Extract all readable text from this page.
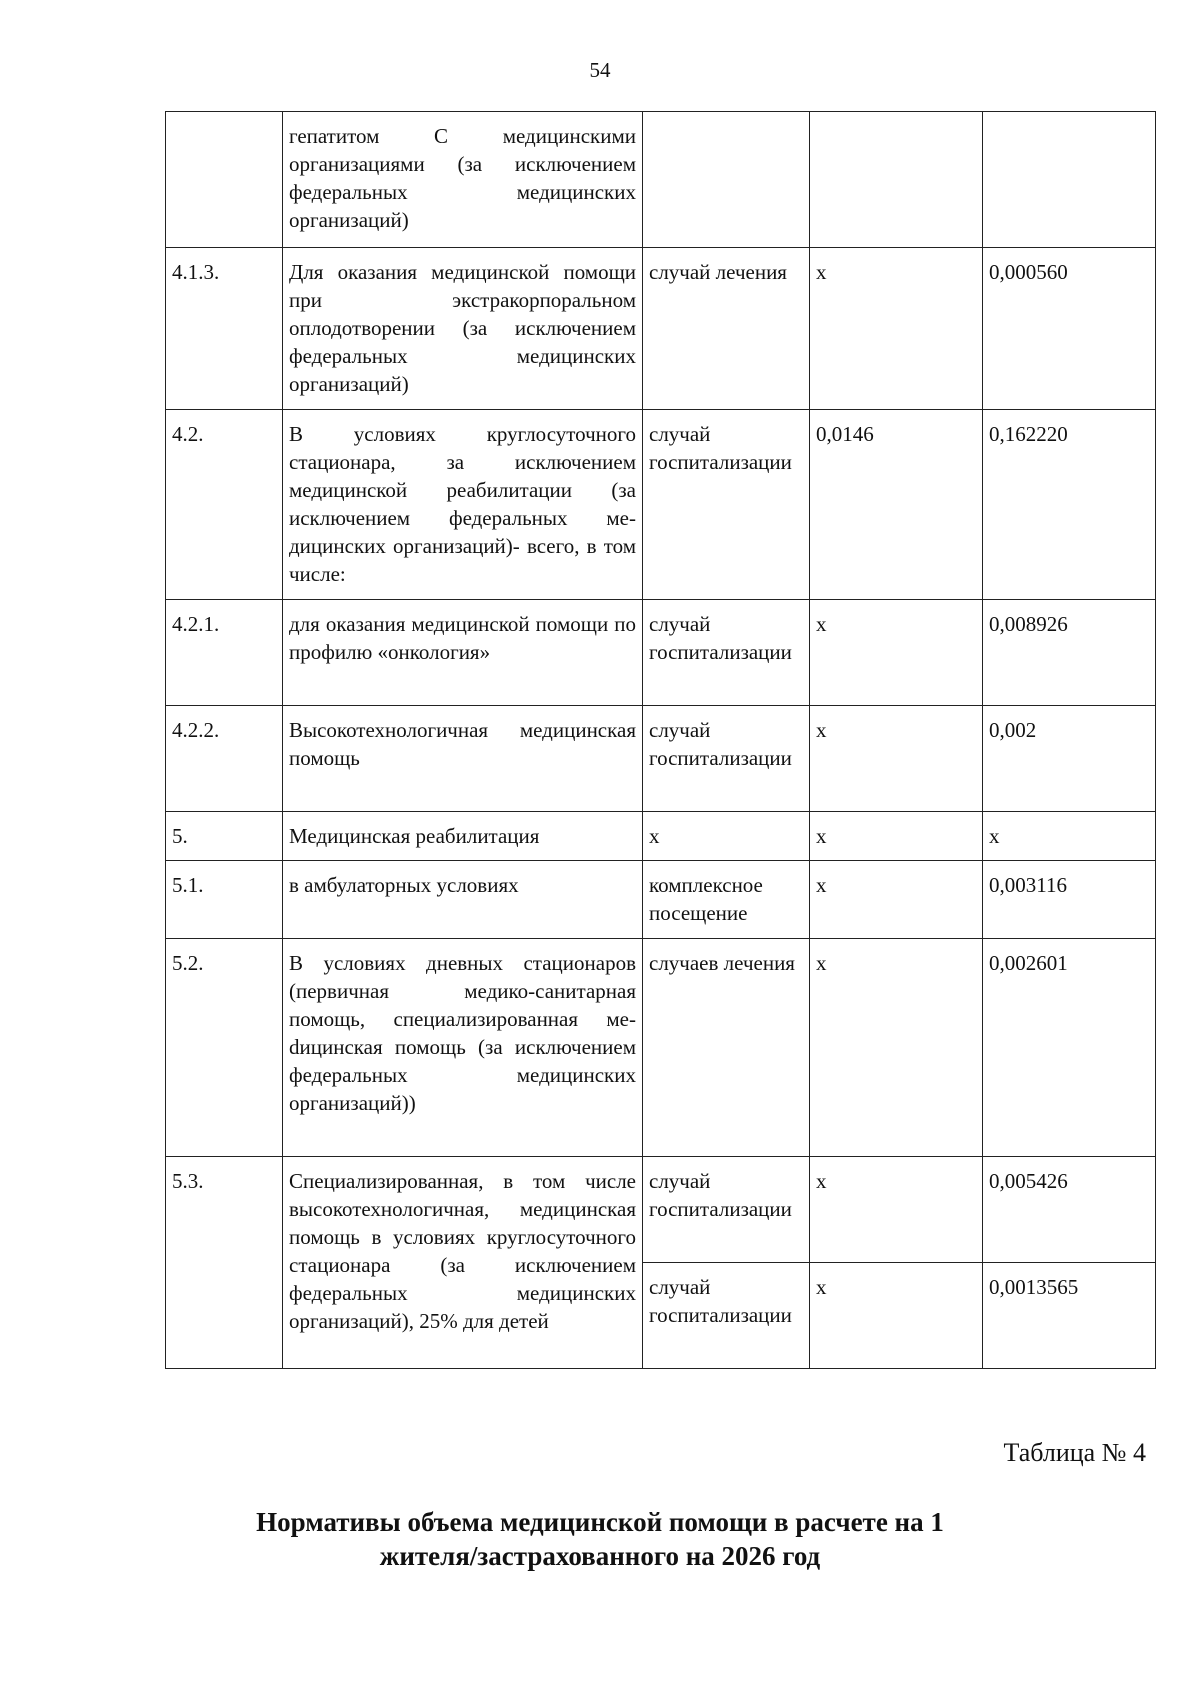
54
	гепатитом С медицинскими организациями (за исключением федеральных медицинских организаций)			
4.1.3.	Для оказания медицинской помощи при экстракорпоральном оплодотворении (за исключением федеральных медицинских организаций)	случай лечения	х	0,000560
4.2.	В условиях круглосуточного стационара, за исключением медицинской реабилитации (за исключением федеральных медицинских организаций)- всего, в том числе:	случай госпитализации	0,0146	0,162220
4.2.1.	для оказания медицинской помощи по профилю «онкология»	случай госпитализации	х	0,008926
4.2.2.	Высокотехнологичная медицинская помощь	случай госпитализации	х	0,002
5.	Медицинская реабилитация	х	х	х
5.1.	в амбулаторных условиях	комплексное посещение	х	0,003116
5.2.	В условиях дневных стационаров (первичная медико-санитарная помощь, специализированная меdицинская помощь (за исключением федеральных медицинских организаций))	случаев лечения	х	0,002601
5.3.	Специализированная, в том числе высокотехнологичная, медицинская помощь в условиях круглосуточного стационара (за исключением федеральных медицинских организаций), 25% для детей	случай госпитализации	х	0,005426
		случай госпитализации	х	0,0013565
Таблица № 4
Нормативы объема медицинской помощи в расчете на 1
жителя/застрахованного на 2026 год
